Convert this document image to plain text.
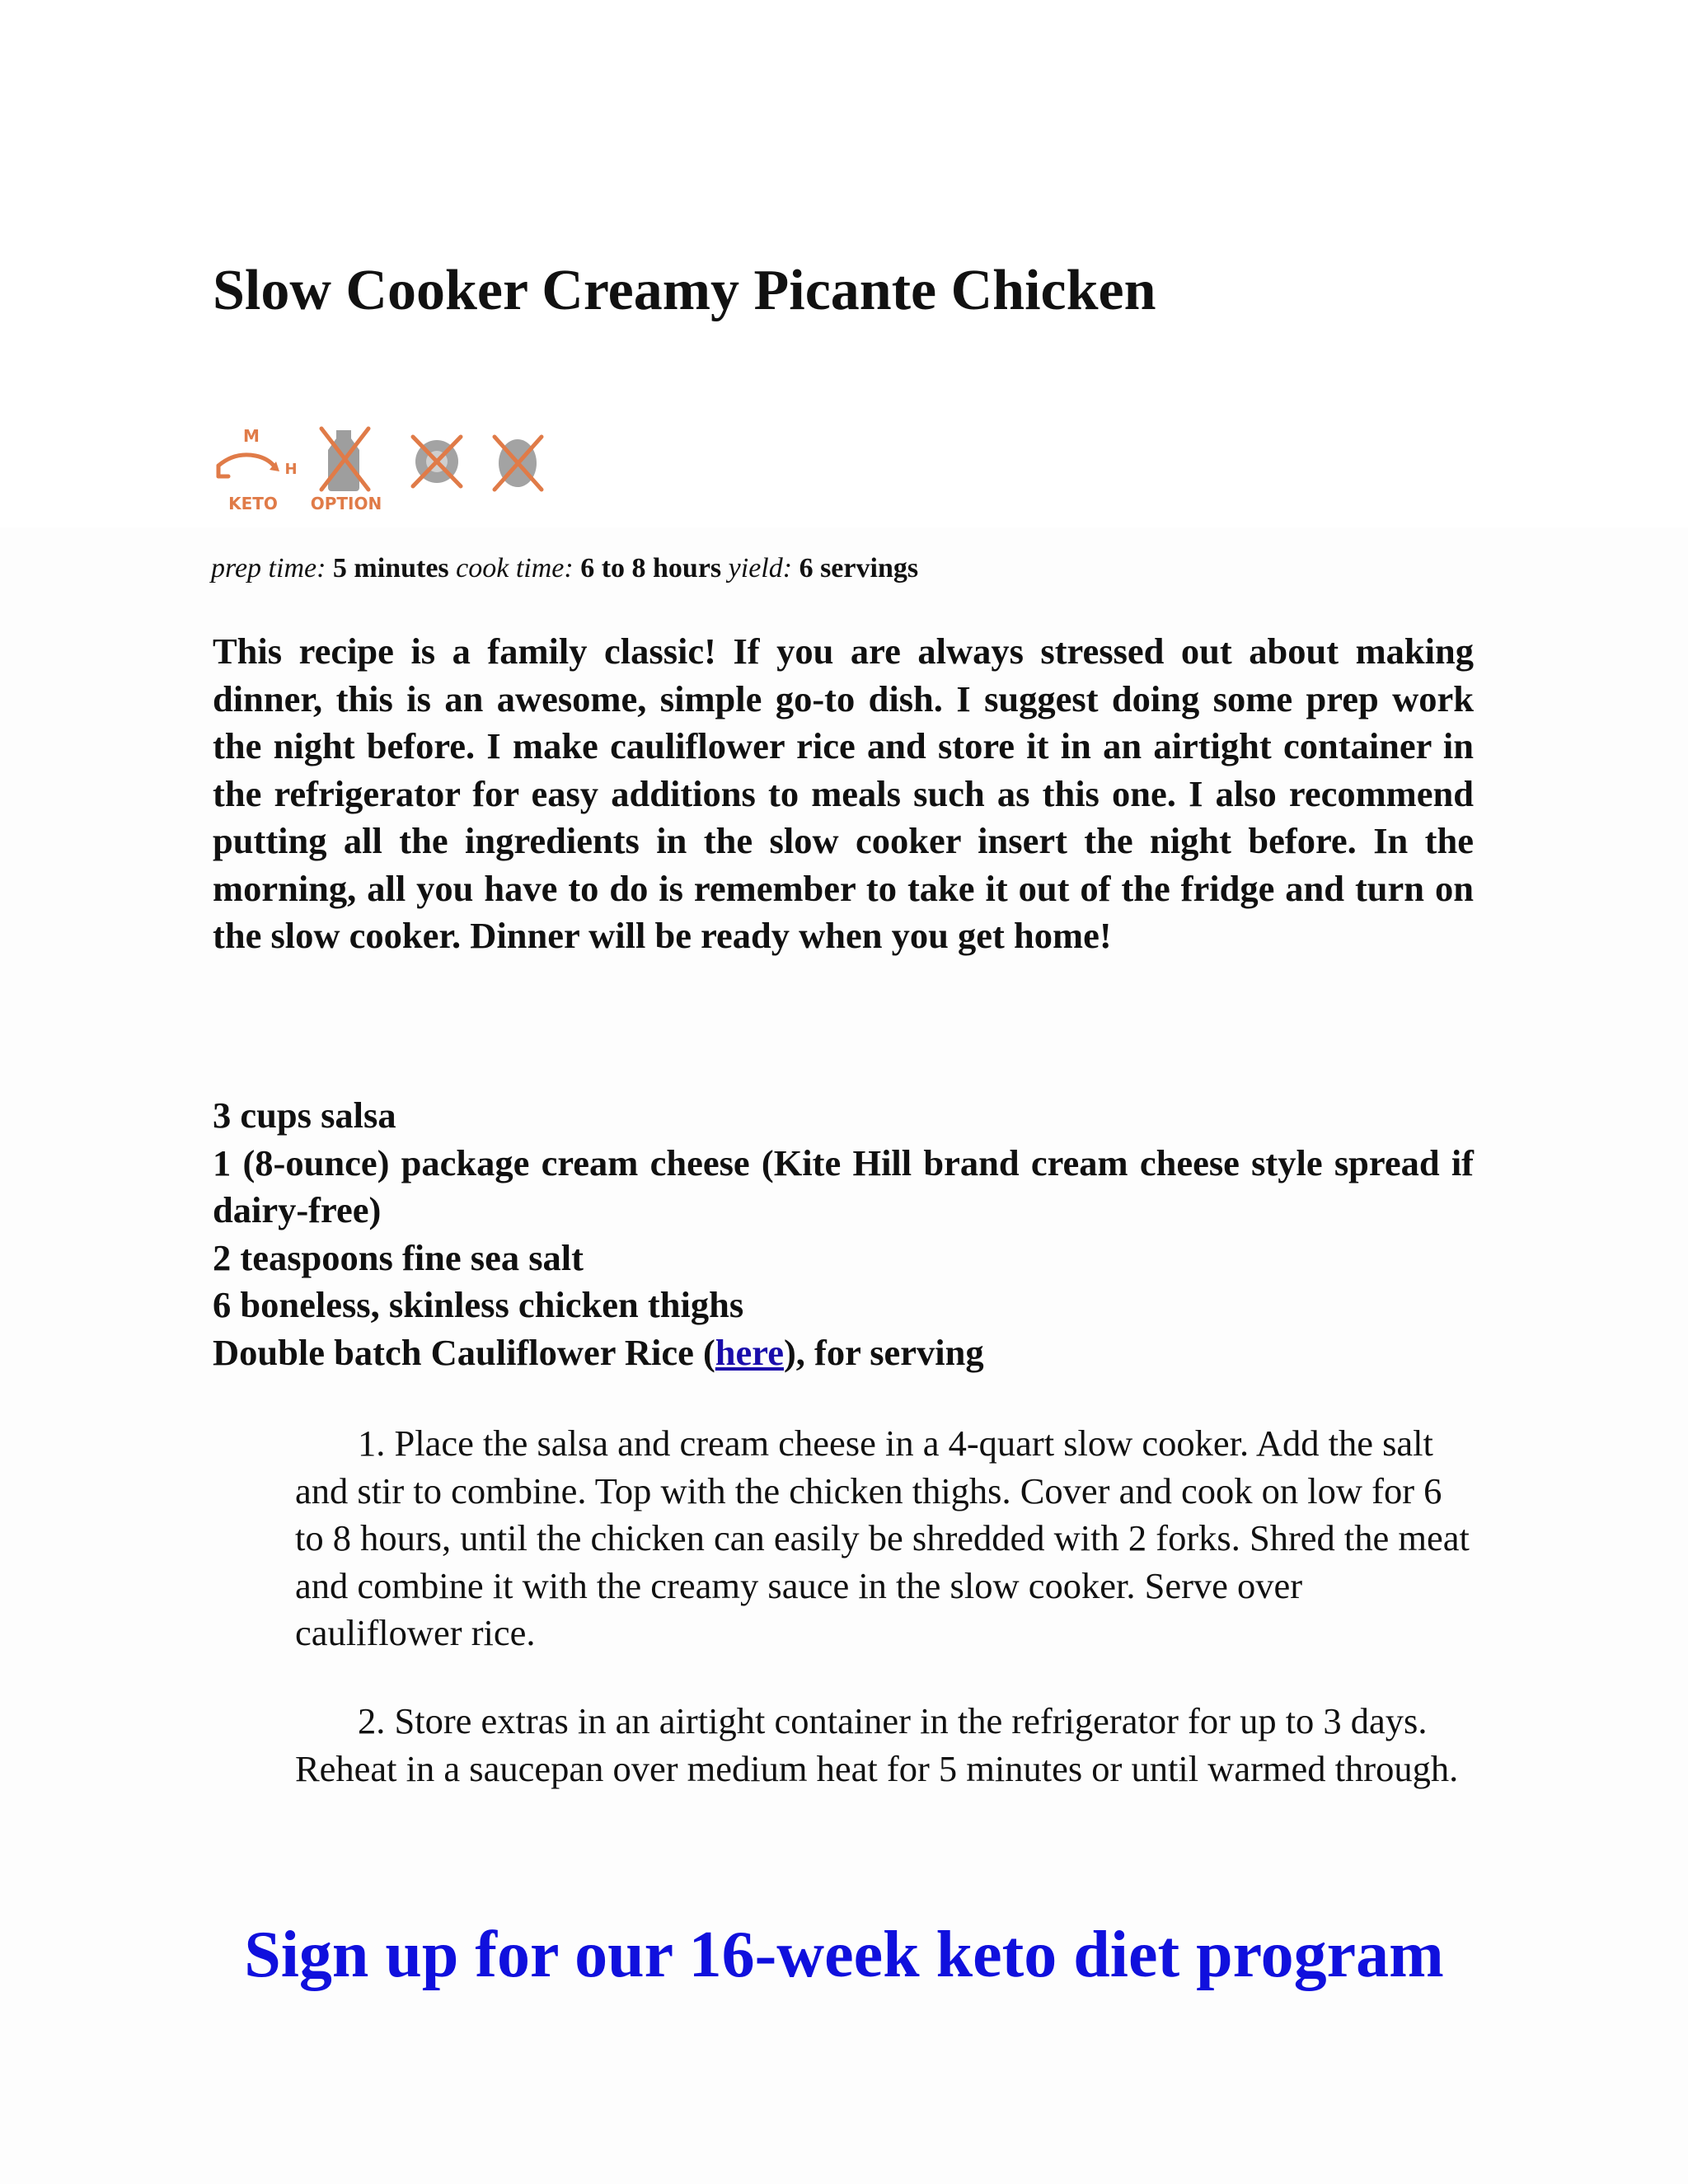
Slow Cooker Creamy Picante Chicken
M
H
KETO OPTION
prep time: 5 minutes cook time: 6 to 8 hours yield: 6 servings

This recipe is a family classic! If you are always stressed out about making dinner, this is an awesome, simple go-to dish. I suggest doing some prep work the night before. I make cauliflower rice and store it in an airtight container in the refrigerator for easy additions to meals such as this one. I also recommend putting all the ingredients in the slow cooker insert the night before. In the morning, all you have to do is remember to take it out of the fridge and turn on the slow cooker. Dinner will be ready when you get home!

3 cups salsa
1 (8-ounce) package cream cheese (Kite Hill brand cream cheese style spread if dairy-free)
2 teaspoons fine sea salt
6 boneless, skinless chicken thighs
Double batch Cauliflower Rice (here), for serving

1. Place the salsa and cream cheese in a 4-quart slow cooker. Add the salt and stir to combine. Top with the chicken thighs. Cover and cook on low for 6 to 8 hours, until the chicken can easily be shredded with 2 forks. Shred the meat and combine it with the creamy sauce in the slow cooker. Serve over cauliflower rice.

2. Store extras in an airtight container in the refrigerator for up to 3 days. Reheat in a saucepan over medium heat for 5 minutes or until warmed through.

Sign up for our 16-week keto diet program
